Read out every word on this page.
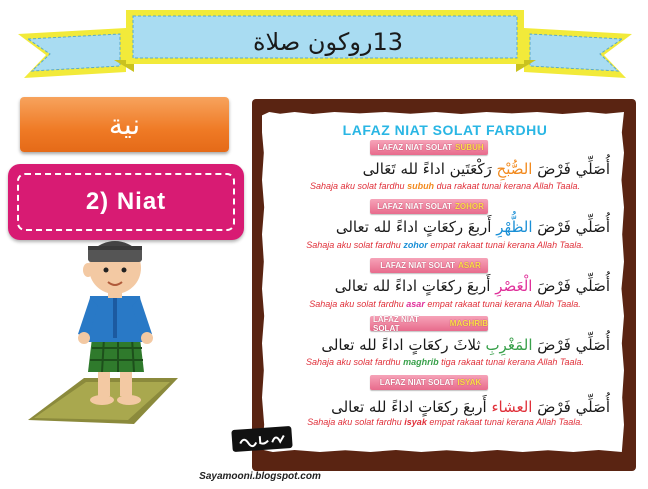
13روكون صلاة
نية
2) Niat
LAFAZ NIAT SOLAT FARDHU
LAFAZ NIAT SOLAT SUBUH
أُصَلِّي فَرْضَ الصُّبْحِ رَكْعَتَين اداءً لله تَعَالى
Sahaja aku solat fardhu subuh dua rakaat tunai kerana Allah Taala.
LAFAZ NIAT SOLAT ZOHOR
أُصَلِّي فَرْضَ الظُّهْرِ أَربعَ ركعَاتٍ اداءً لله تعالى
Sahaja aku solat fardhu zohor empat rakaat tunai kerana Allah Taala.
LAFAZ NIAT SOLAT ASAR
أُصَلِّي فَرْضَ الْعَصْرِ أَربعَ ركعَاتٍ اداءً لله تعالى
Sahaja aku solat fardhu asar empat rakaat tunai kerana Allah Taala.
LAFAZ NIAT SOLAT	MAGHRIB
أُصَلِّي فَرْضَ المَغْرِبِ ثلاثَ ركعَاتٍ اداءً لله تعالى
Sahaja aku solat fardhu maghrib tiga rakaat tunai kerana Allah Taala.
LAFAZ NIAT SOLAT ISYAK
أُصَلِّي فَرْضَ العشاء أَربعَ ركعَاتٍ اداءً لله تعالى
Sahaja aku solat fardhu isyak empat rakaat tunai kerana Allah Taala.
Sayamooni.blogspot.com
